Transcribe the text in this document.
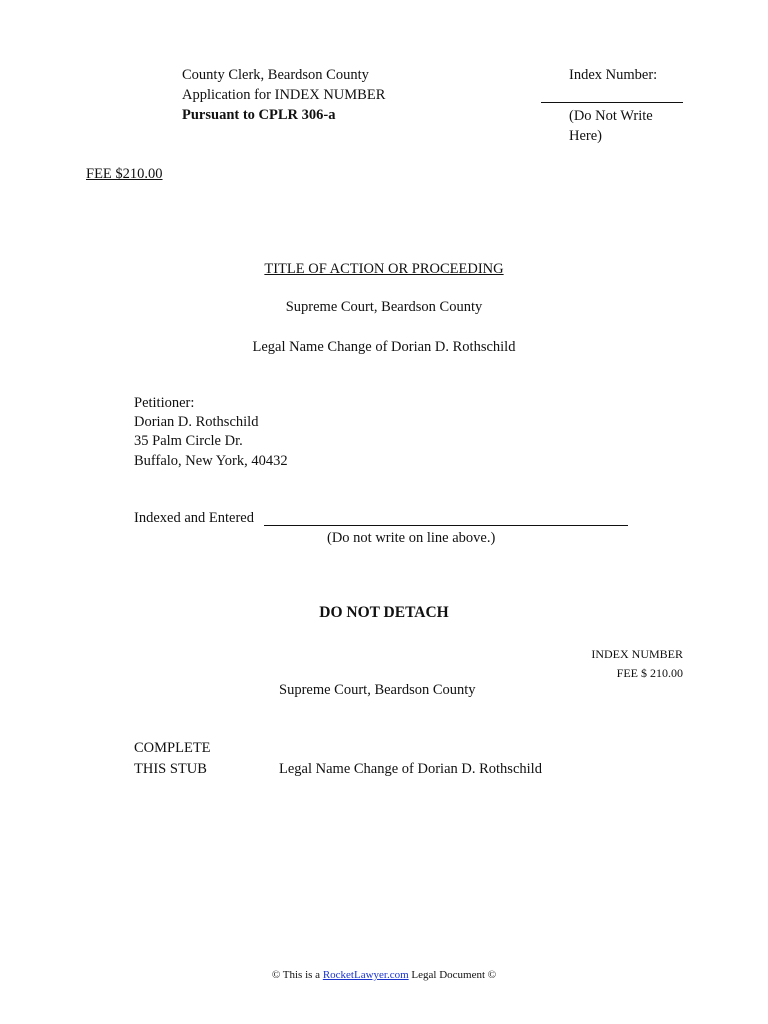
County Clerk, Beardson County
Application for INDEX NUMBER
Pursuant to CPLR 306-a
Index Number:
(Do Not Write
Here)
FEE $210.00
TITLE OF ACTION OR PROCEEDING
Supreme Court, Beardson County
Legal Name Change of Dorian D. Rothschild
Petitioner:
Dorian D. Rothschild
35 Palm Circle Dr.
Buffalo, New York, 40432
Indexed and Entered
(Do not write on line above.)
DO NOT DETACH
INDEX NUMBER
FEE $ 210.00
Supreme Court, Beardson County
COMPLETE
THIS STUB	Legal Name Change of Dorian D. Rothschild
© This is a RocketLawyer.com Legal Document ©
